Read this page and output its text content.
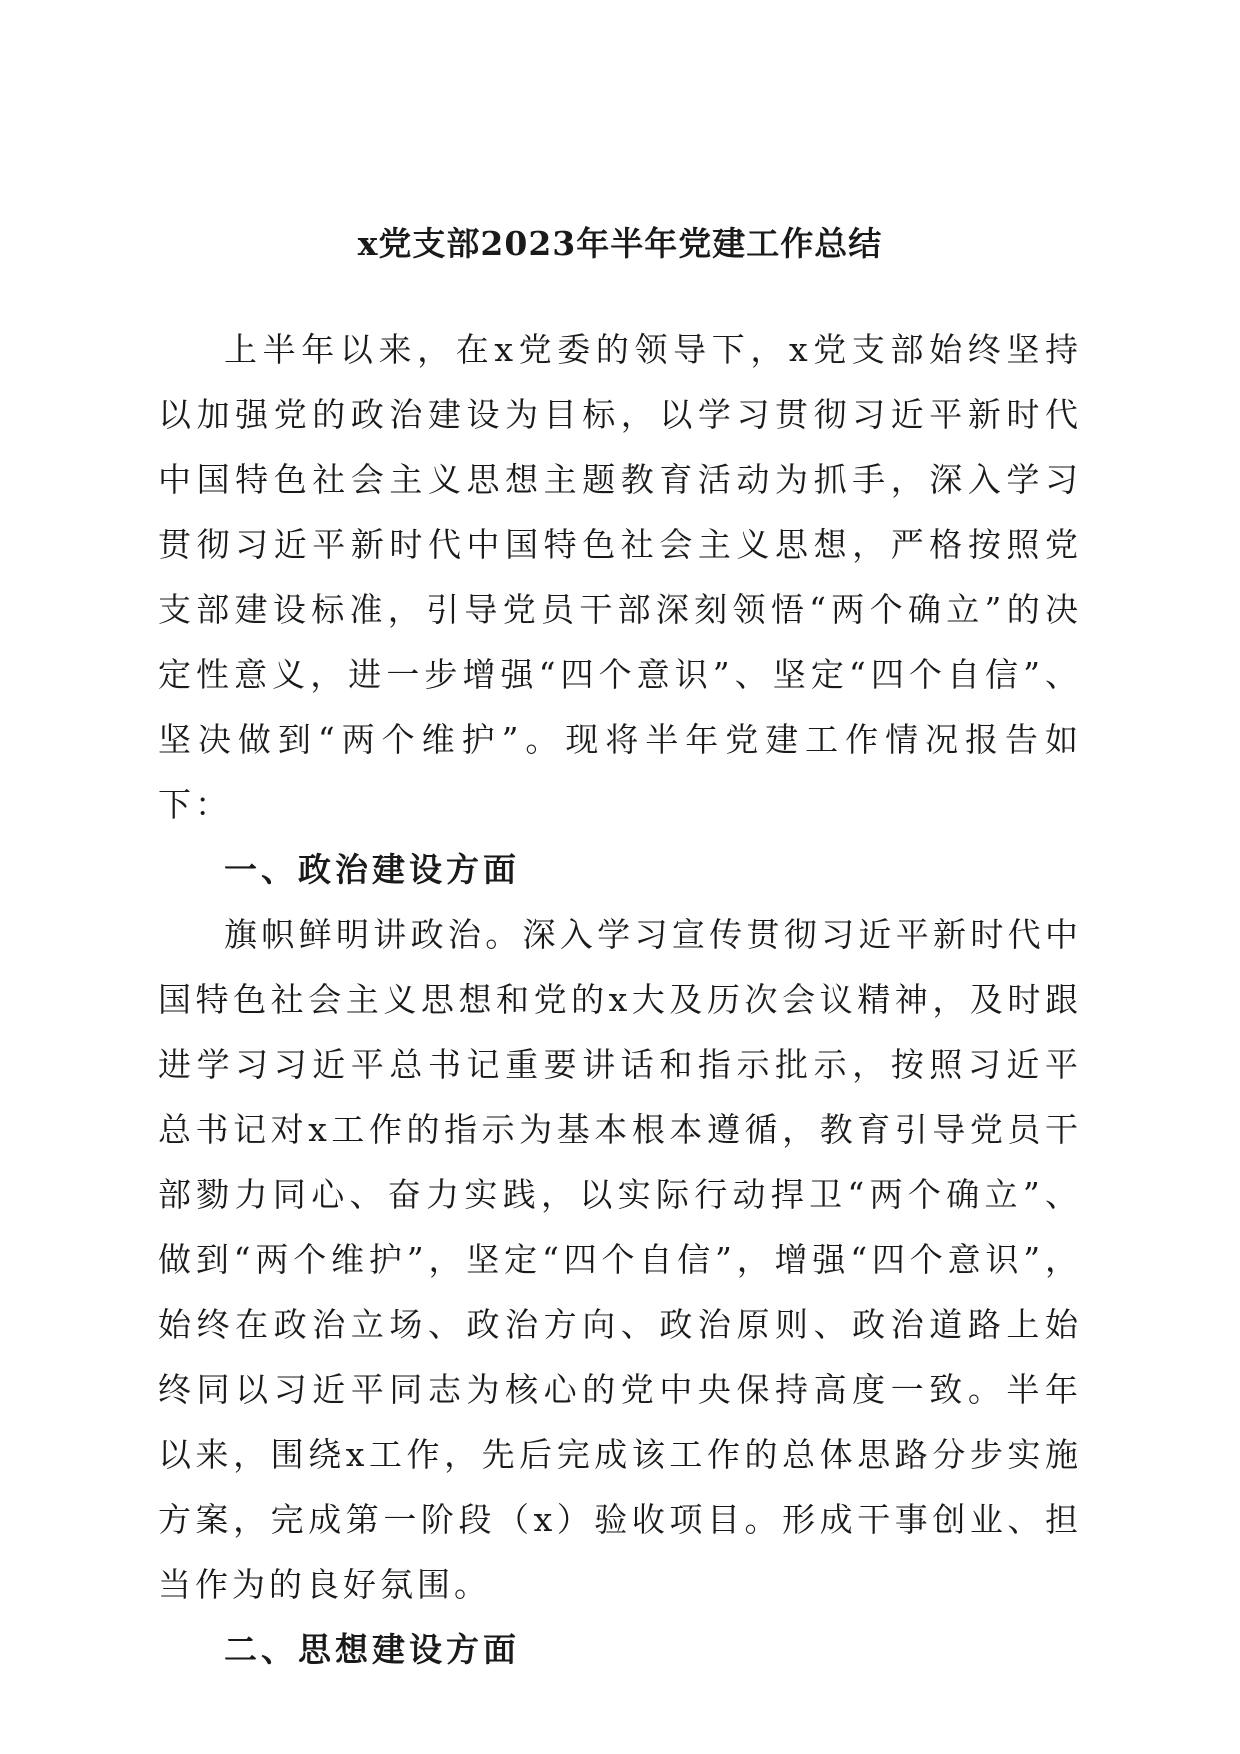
x党支部2023年半年党建工作总结

上半年以来，在x党委的领导下，x党支部始终坚持以加强党的政治建设为目标，以学习贯彻习近平新时代中国特色社会主义思想主题教育活动为抓手，深入学习贯彻习近平新时代中国特色社会主义思想，严格按照党支部建设标准，引导党员干部深刻领悟“两个确立”的决定性意义，进一步增强“四个意识”、坚定“四个自信”、坚决做到“两个维护”。现将半年党建工作情况报告如下：

一、政治建设方面

旗帜鲜明讲政治。深入学习宣传贯彻习近平新时代中国特色社会主义思想和党的x大及历次会议精神，及时跟进学习习近平总书记重要讲话和指示批示，按照习近平总书记对x工作的指示为基本根本遵循，教育引导党员干部勠力同心、奋力实践，以实际行动捍卫“两个确立”、做到“两个维护”，坚定“四个自信”，增强“四个意识”，始终在政治立场、政治方向、政治原则、政治道路上始终同以习近平同志为核心的党中央保持高度一致。半年以来，围绕x工作，先后完成该工作的总体思路分步实施方案，完成第一阶段（x）验收项目。形成干事创业、担当作为的良好氛围。

二、思想建设方面
